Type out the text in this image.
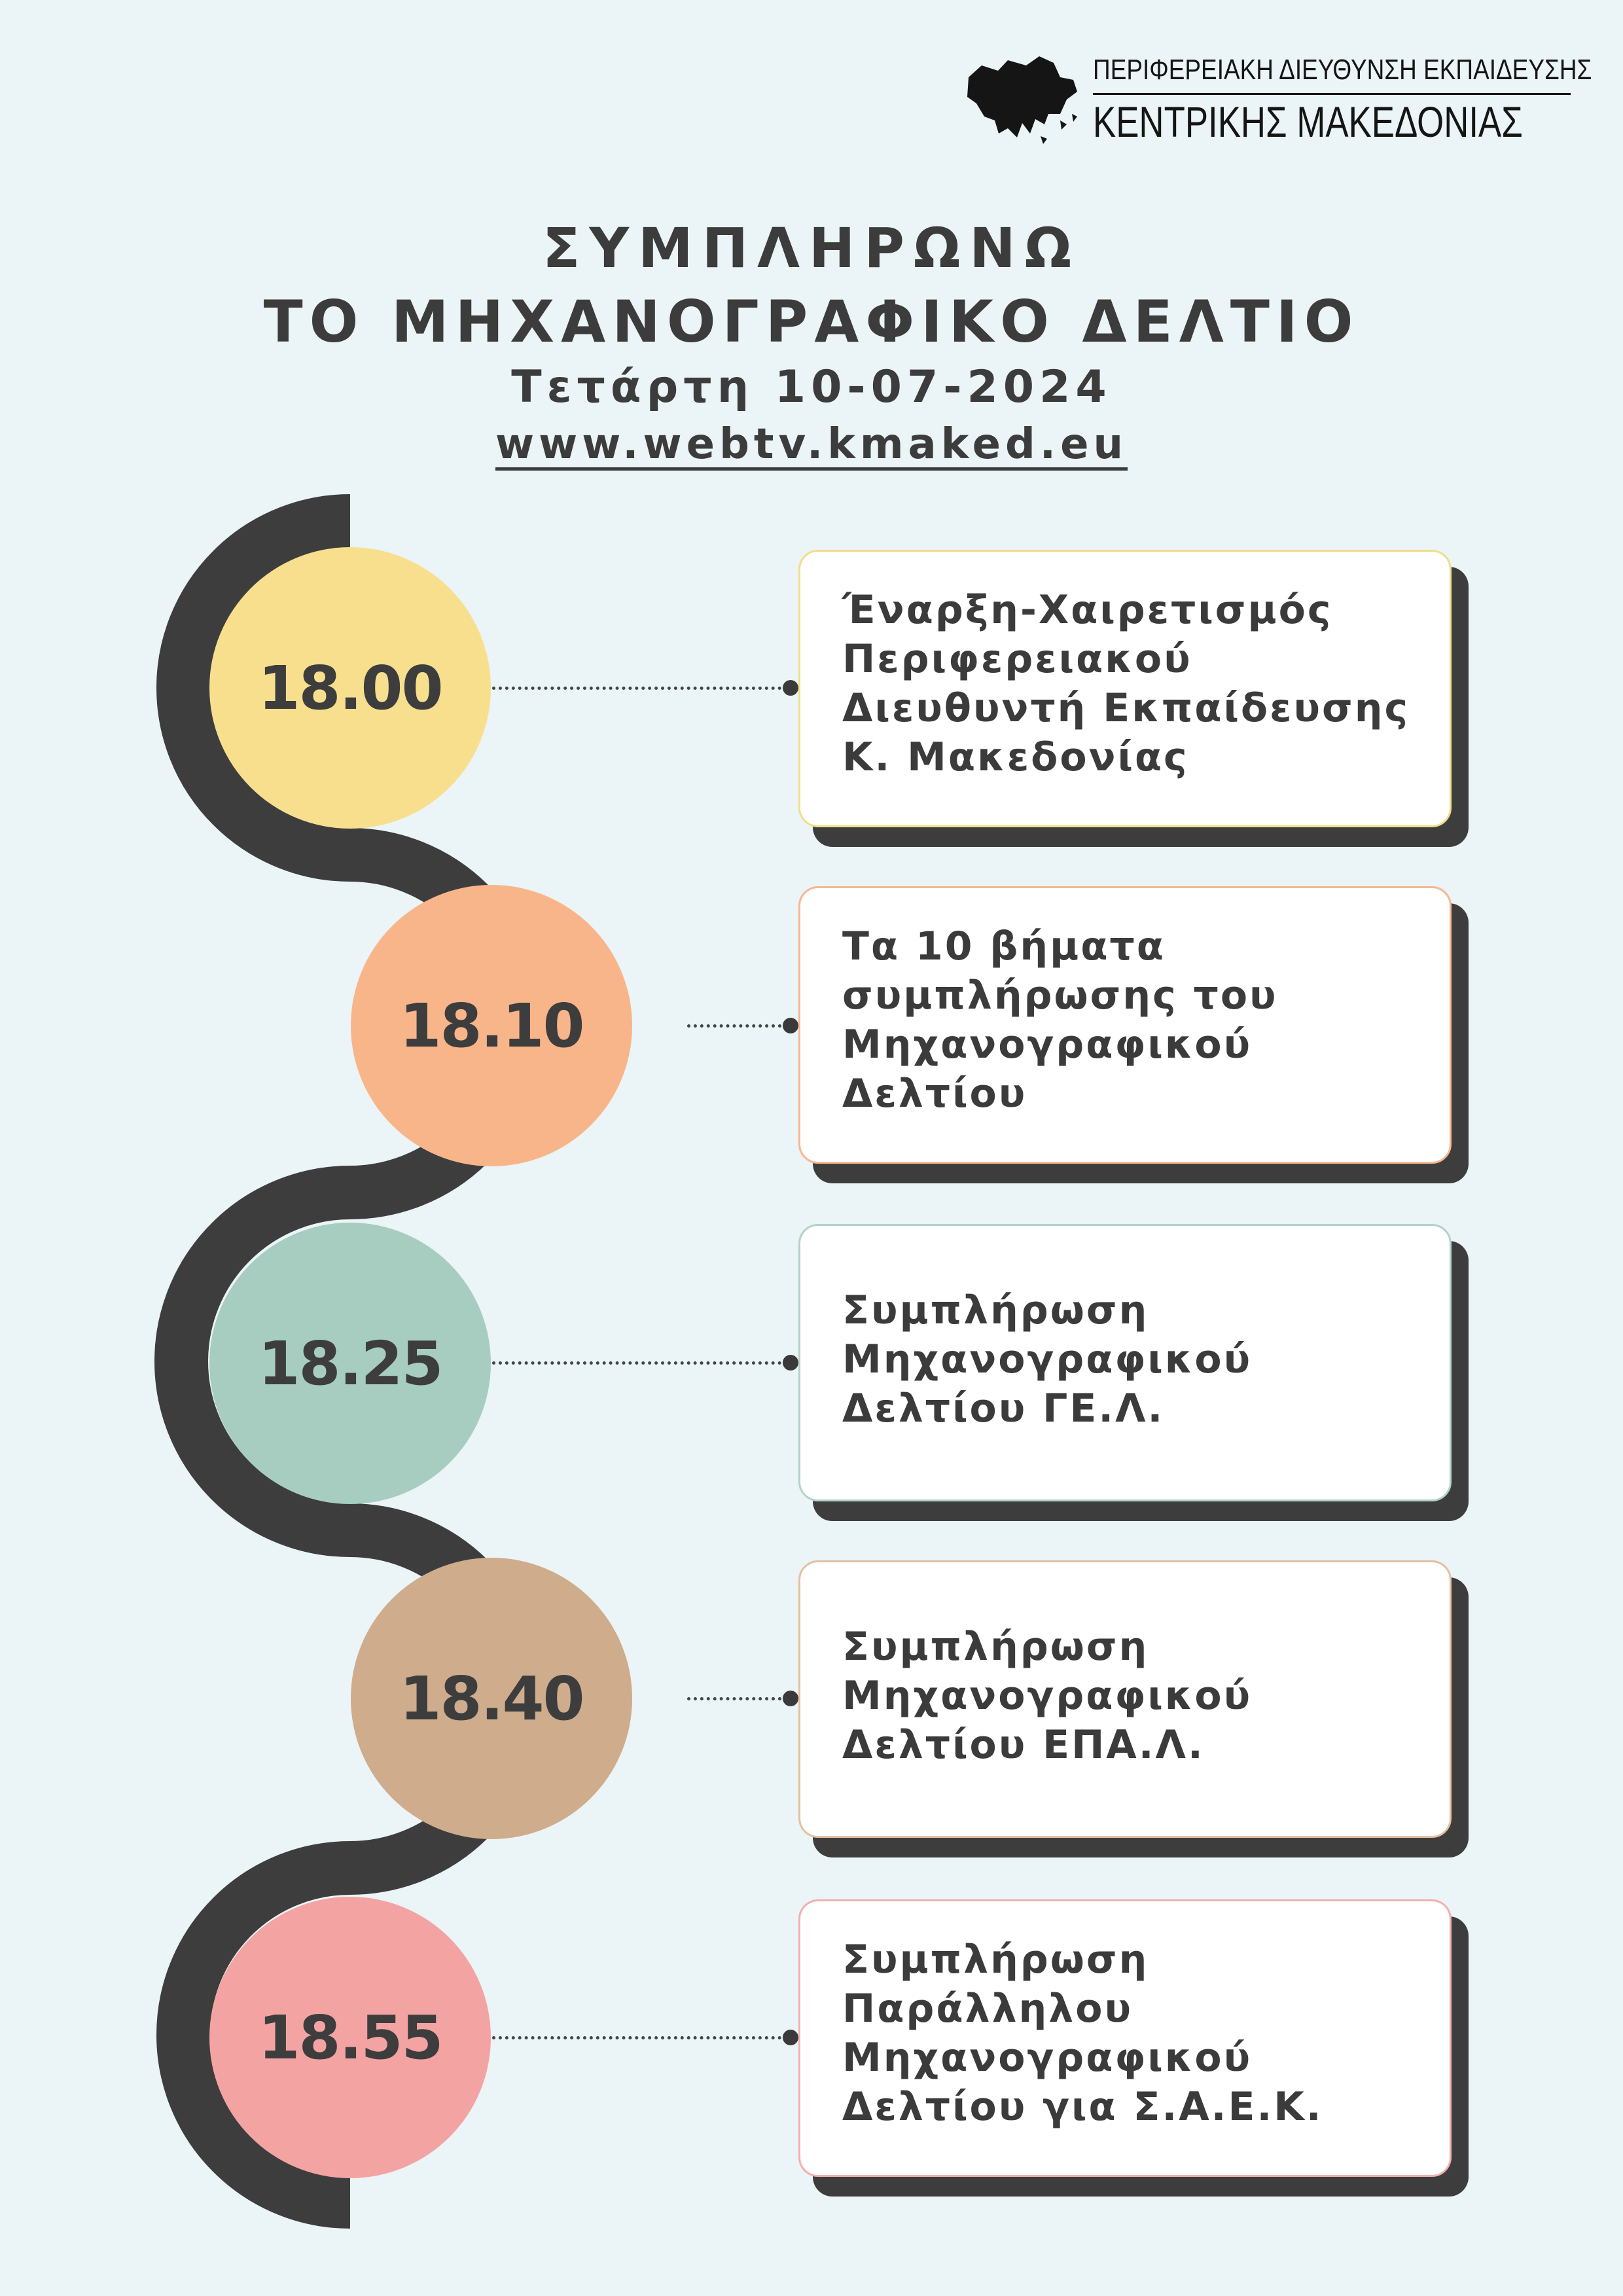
ΠΕΡΙΦΕΡΕΙΑΚΗ ΔΙΕΥΘΥΝΣΗ ΕΚΠΑΙΔΕΥΣΗΣ
ΚΕΝΤΡΙΚΗΣ ΜΑΚΕΔΟΝΙΑΣ
ΣΥΜΠΛΗΡΩΝΩ
ΤΟ ΜΗΧΑΝΟΓΡΑΦΙΚΟ ΔΕΛΤΙΟ
Τετάρτη 10-07-2024
www.webtv.kmaked.eu
18.00

Έναρξη-Χαιρετισμός

Περιφερειακού

Διευθυντή Εκπαίδευσης

Κ. Μακεδονίας

18.10

Τα 10 βήματα

συμπλήρωσης του

Μηχανογραφικού

Δελτίου

18.25

Συμπλήρωση

Μηχανογραφικού

Δελτίου ΓΕ.Λ.

18.40

Συμπλήρωση

Μηχανογραφικού

Δελτίου ΕΠΑ.Λ.

18.55

Συμπλήρωση

Παράλληλου

Μηχανογραφικού

Δελτίου για Σ.Α.Ε.Κ.
